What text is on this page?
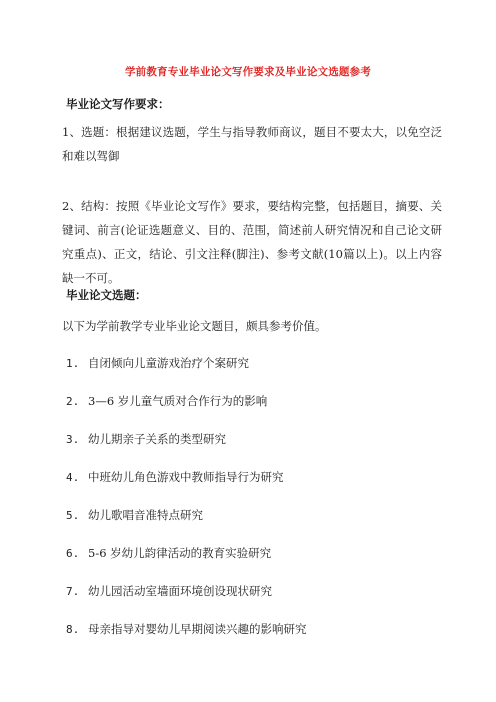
学前教育专业毕业论文写作要求及毕业论文选题参考
毕业论文写作要求：
1、选题：根据建议选题，学生与指导教师商议，题目不要太大，以免空泛和难以驾御
2、结构：按照《毕业论文写作》要求，要结构完整，包括题目，摘要、关键词、前言(论证选题意义、目的、范围，简述前人研究情况和自己论文研究重点)、正文，结论、引文注释(脚注)、参考文献(10篇以上)。以上内容缺一不可。
毕业论文选题：
以下为学前教学专业毕业论文题目，颇具参考价值。
1. 自闭倾向儿童游戏治疗个案研究
2. 3—6 岁儿童气质对合作行为的影响
3. 幼儿期亲子关系的类型研究
4. 中班幼儿角色游戏中教师指导行为研究
5. 幼儿歌唱音准特点研究
6. 5-6 岁幼儿韵律活动的教育实验研究
7. 幼儿园活动室墙面环境创设现状研究
8. 母亲指导对婴幼儿早期阅读兴趣的影响研究
